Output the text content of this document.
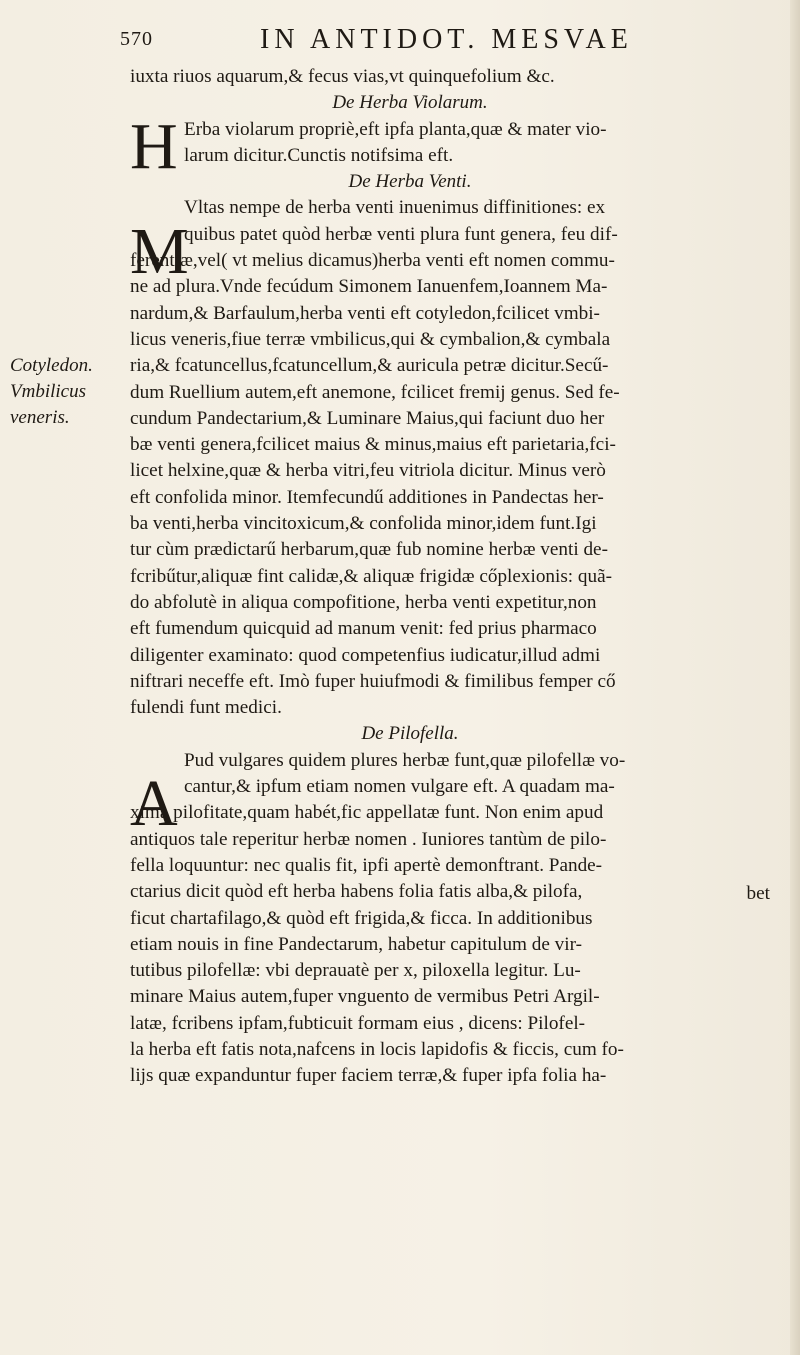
570	IN ANTIDOT. MESVAE
Cotyledon.
Vmbilicus
veneris.
iuxta riuos aquarum,& fecus vias,vt quinquefolium &c.
De Herba Violarum.
H Erba violarum propriè,eft ipfa planta,quæ & mater vio-
larum dicitur.Cunctis notifsima eft.
De Herba Venti.
M
Vltas nempe de herba venti inuenimus diffinitiones: ex
quibus patet quòd herbæ venti plura funt genera, feu dif-
ferentiæ,vel( vt melius dicamus)herba venti eft nomen commu-
ne ad plura.Vnde fecúdum Simonem Ianuenfem,Ioannem Ma-
nardum,& Barfaulum,herba venti eft cotyledon,fcilicet vmbi-
licus veneris,fiue terræ vmbilicus,qui & cymbalion,& cymbala
ria,& fcatuncellus,fcatuncellum,& auricula petræ dicitur.Secű-
dum Ruellium autem,eft anemone, fcilicet fremij genus. Sed fe-
cundum Pandectarium,& Luminare Maius,qui faciunt duo her
bæ venti genera,fcilicet maius & minus,maius eft parietaria,fci-
licet helxine,quæ & herba vitri,feu vitriola dicitur. Minus verò
eft confolida minor. Itemfecundű additiones in Pandectas her-
ba venti,herba vincitoxicum,& confolida minor,idem funt.Igi
tur cùm prædictarű herbarum,quæ fub nomine herbæ venti de-
fcribűtur,aliquæ fint calidæ,& aliquæ frigidæ cőplexionis: quã-
do abfolutè in aliqua compofitione, herba venti expetitur,non
eft fumendum quicquid ad manum venit: fed prius pharmaco
diligenter examinato: quod competenfius iudicatur,illud admi
niftrari neceffe eft. Imò fuper huiufmodi & fimilibus femper cő
fulendi funt medici.
De Pilofella.
A
Pud vulgares quidem plures herbæ funt,quæ pilofellæ vo-
cantur,& ipfum etiam nomen vulgare eft. A quadam ma-
xima pilofitate,quam habét,fic appellatæ funt. Non enim apud
antiquos tale reperitur herbæ nomen . Iuniores tantùm de pilo-
fella loquuntur: nec qualis fit, ipfi apertè demonftrant. Pande-
ctarius dicit quòd eft herba habens folia fatis alba,& pilofa,
ficut chartafilago,& quòd eft frigida,& ficca. In additionibus
etiam nouis in fine Pandectarum, habetur capitulum de vir-
tutibus pilofellæ: vbi deprauatè per x, piloxella legitur. Lu-
minare Maius autem,fuper vnguento de vermibus Petri Argil-
latæ, fcribens ipfam,fubticuit formam eius , dicens: Pilofel-
la herba eft fatis nota,nafcens in locis lapidofis & ficcis, cum fo-
lijs quæ expanduntur fuper faciem terræ,& fuper ipfa folia ha-
bet
